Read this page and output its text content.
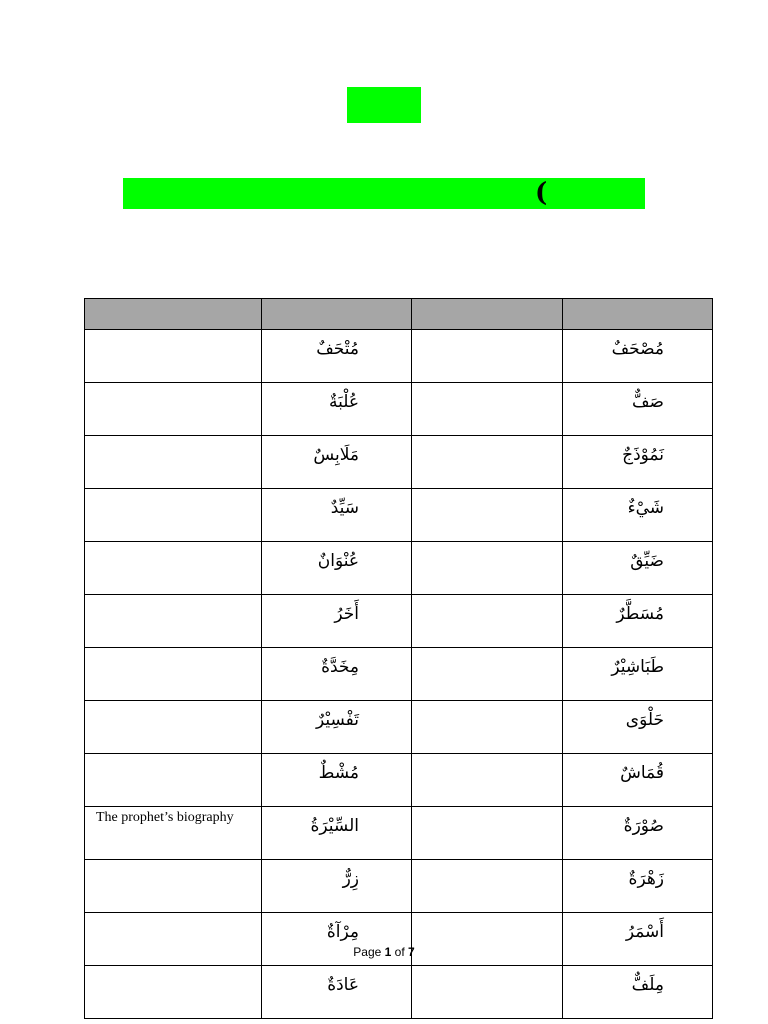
(

	مُتْحَفٌ		مُصْحَفٌ
	عُلْبَةٌ		صَفٌّ
	مَلَابِسٌ		نَمُوْذَجٌ
	سَيِّدٌ		شَيْءٌ
	عُنْوَانٌ		ضَيِّقٌ
	أَخَرُ		مُسَطَّرٌ
	مِخَدَّةٌ		طَبَاشِيْرٌ
	تَفْسِيْرٌ		حَلْوَى
	مُشْطٌ		قُمَاشٌ
The prophet’s biography	السِّيْرَةُ		صُوْرَةٌ
	زِرٌّ		زَهْرَةٌ
	مِرْآةٌ		أَسْمَرُ
	عَادَةٌ		مِلَفٌّ
Page 1 of 7
